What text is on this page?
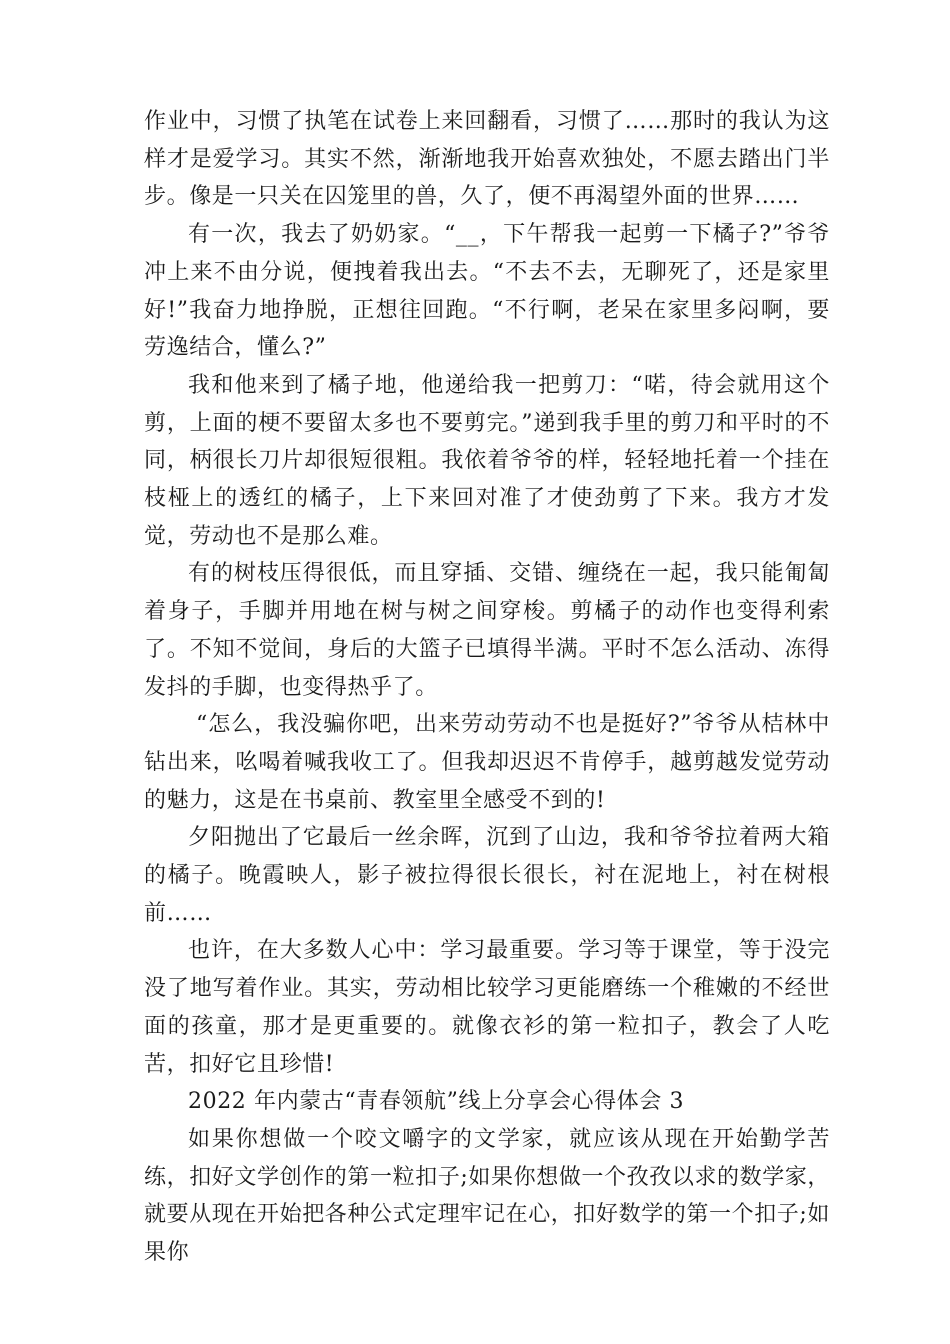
作业中，习惯了执笔在试卷上来回翻看，习惯了……那时的我认为这样才是爱学习。其实不然，渐渐地我开始喜欢独处，不愿去踏出门半步。像是一只关在囚笼里的兽，久了，便不再渴望外面的世界……

有一次，我去了奶奶家。“__，下午帮我一起剪一下橘子?”爷爷冲上来不由分说，便拽着我出去。“不去不去，无聊死了，还是家里好!”我奋力地挣脱，正想往回跑。“不行啊，老呆在家里多闷啊，要劳逸结合，懂么?”

我和他来到了橘子地，他递给我一把剪刀：“喏，待会就用这个剪，上面的梗不要留太多也不要剪完。”递到我手里的剪刀和平时的不同，柄很长刀片却很短很粗。我依着爷爷的样，轻轻地托着一个挂在枝桠上的透红的橘子，上下来回对准了才使劲剪了下来。我方才发觉，劳动也不是那么难。

有的树枝压得很低，而且穿插、交错、缠绕在一起，我只能匍匐着身子，手脚并用地在树与树之间穿梭。剪橘子的动作也变得利索了。不知不觉间，身后的大篮子已填得半满。平时不怎么活动、冻得发抖的手脚，也变得热乎了。

“怎么，我没骗你吧，出来劳动劳动不也是挺好?”爷爷从桔林中钻出来，吆喝着喊我收工了。但我却迟迟不肯停手，越剪越发觉劳动的魅力，这是在书桌前、教室里全感受不到的!

夕阳抛出了它最后一丝余晖，沉到了山边，我和爷爷拉着两大箱的橘子。晚霞映人，影子被拉得很长很长，衬在泥地上，衬在树根前……

也许，在大多数人心中：学习最重要。学习等于课堂，等于没完没了地写着作业。其实，劳动相比较学习更能磨练一个稚嫩的不经世面的孩童，那才是更重要的。就像衣衫的第一粒扣子，教会了人吃苦，扣好它且珍惜!

2022 年内蒙古“青春领航”线上分享会心得体会 3

如果你想做一个咬文嚼字的文学家，就应该从现在开始勤学苦练，扣好文学创作的第一粒扣子;如果你想做一个孜孜以求的数学家，就要从现在开始把各种公式定理牢记在心，扣好数学的第一个扣子;如果你
